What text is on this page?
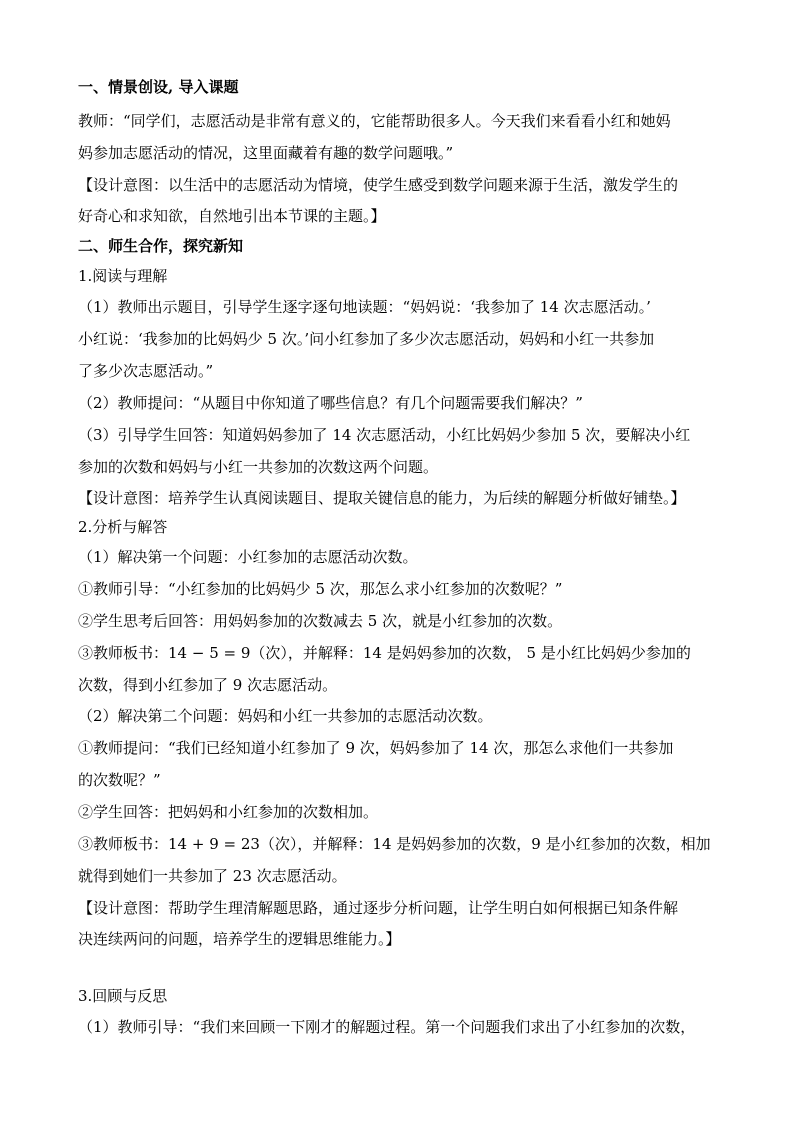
一、情景创设, 导入课题
教师：“同学们，志愿活动是非常有意义的，它能帮助很多人。今天我们来看看小红和她妈
妈参加志愿活动的情况，这里面藏着有趣的数学问题哦。”
【设计意图：以生活中的志愿活动为情境，使学生感受到数学问题来源于生活，激发学生的
好奇心和求知欲，自然地引出本节课的主题。】
二、师生合作，探究新知
1.阅读与理解
（1）教师出示题目，引导学生逐字逐句地读题：“妈妈说：‘我参加了 14 次志愿活动。’
小红说：‘我参加的比妈妈少 5 次。’问小红参加了多少次志愿活动，妈妈和小红一共参加
了多少次志愿活动。”
（2）教师提问：“从题目中你知道了哪些信息？有几个问题需要我们解决？”
（3）引导学生回答：知道妈妈参加了 14 次志愿活动，小红比妈妈少参加 5 次，要解决小红
参加的次数和妈妈与小红一共参加的次数这两个问题。
【设计意图：培养学生认真阅读题目、提取关键信息的能力，为后续的解题分析做好铺垫。】
2.分析与解答
（1）解决第一个问题：小红参加的志愿活动次数。
①教师引导：“小红参加的比妈妈少 5 次，那怎么求小红参加的次数呢？”
②学生思考后回答：用妈妈参加的次数减去 5 次，就是小红参加的次数。
③教师板书：14 − 5 = 9（次），并解释：14 是妈妈参加的次数， 5 是小红比妈妈少参加的
次数，得到小红参加了 9 次志愿活动。
（2）解决第二个问题：妈妈和小红一共参加的志愿活动次数。
①教师提问：“我们已经知道小红参加了 9 次，妈妈参加了 14 次，那怎么求他们一共参加
的次数呢？”
②学生回答：把妈妈和小红参加的次数相加。
③教师板书：14 + 9 = 23（次），并解释：14 是妈妈参加的次数，9 是小红参加的次数，相加
就得到她们一共参加了 23 次志愿活动。
【设计意图：帮助学生理清解题思路，通过逐步分析问题，让学生明白如何根据已知条件解
决连续两问的问题，培养学生的逻辑思维能力。】
3.回顾与反思
（1）教师引导：“我们来回顾一下刚才的解题过程。第一个问题我们求出了小红参加的次数，
